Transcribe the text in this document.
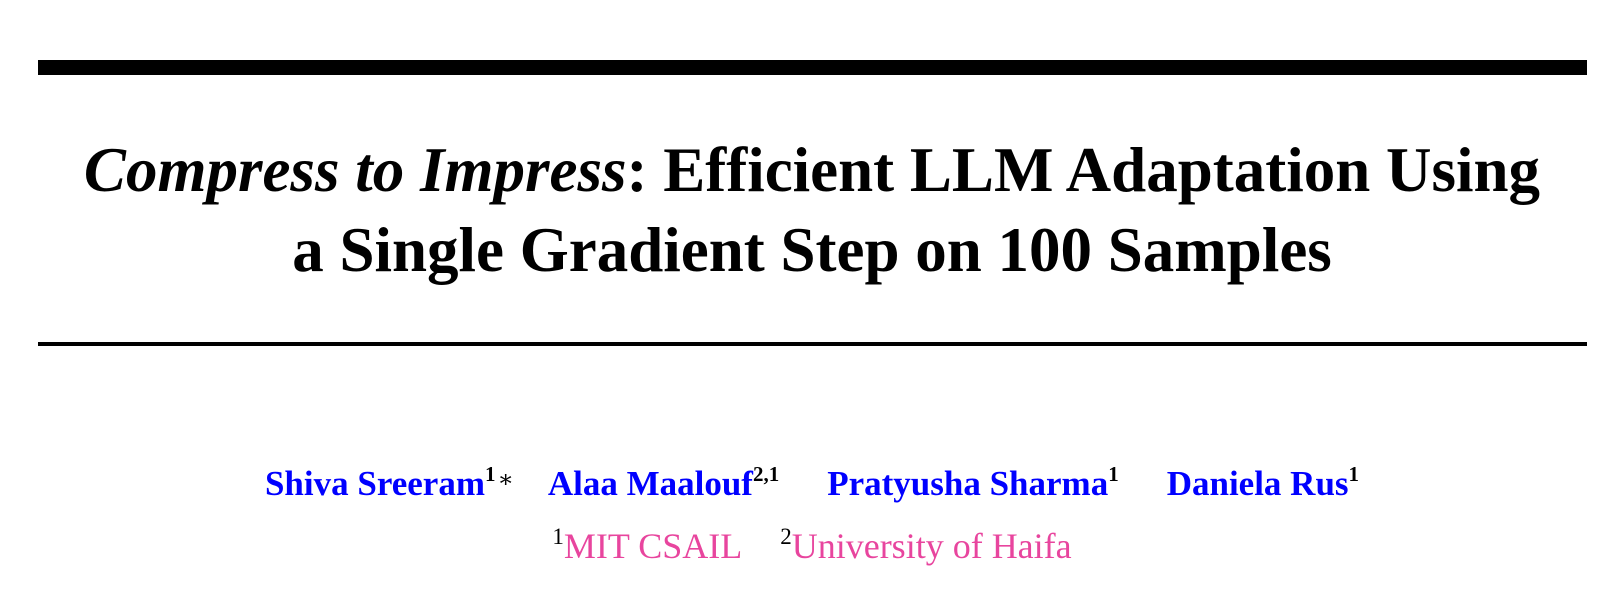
Compress to Impress: Efficient LLM Adaptation Using
a Single Gradient Step on 100 Samples
Shiva Sreeram$^{1∗}$ Alaa Maalouf$^{2,1}$ Pratyusha Sharma$^1$ Daniela Rus$^1$
$^1$MIT CSAIL $^2$University of Haifa
